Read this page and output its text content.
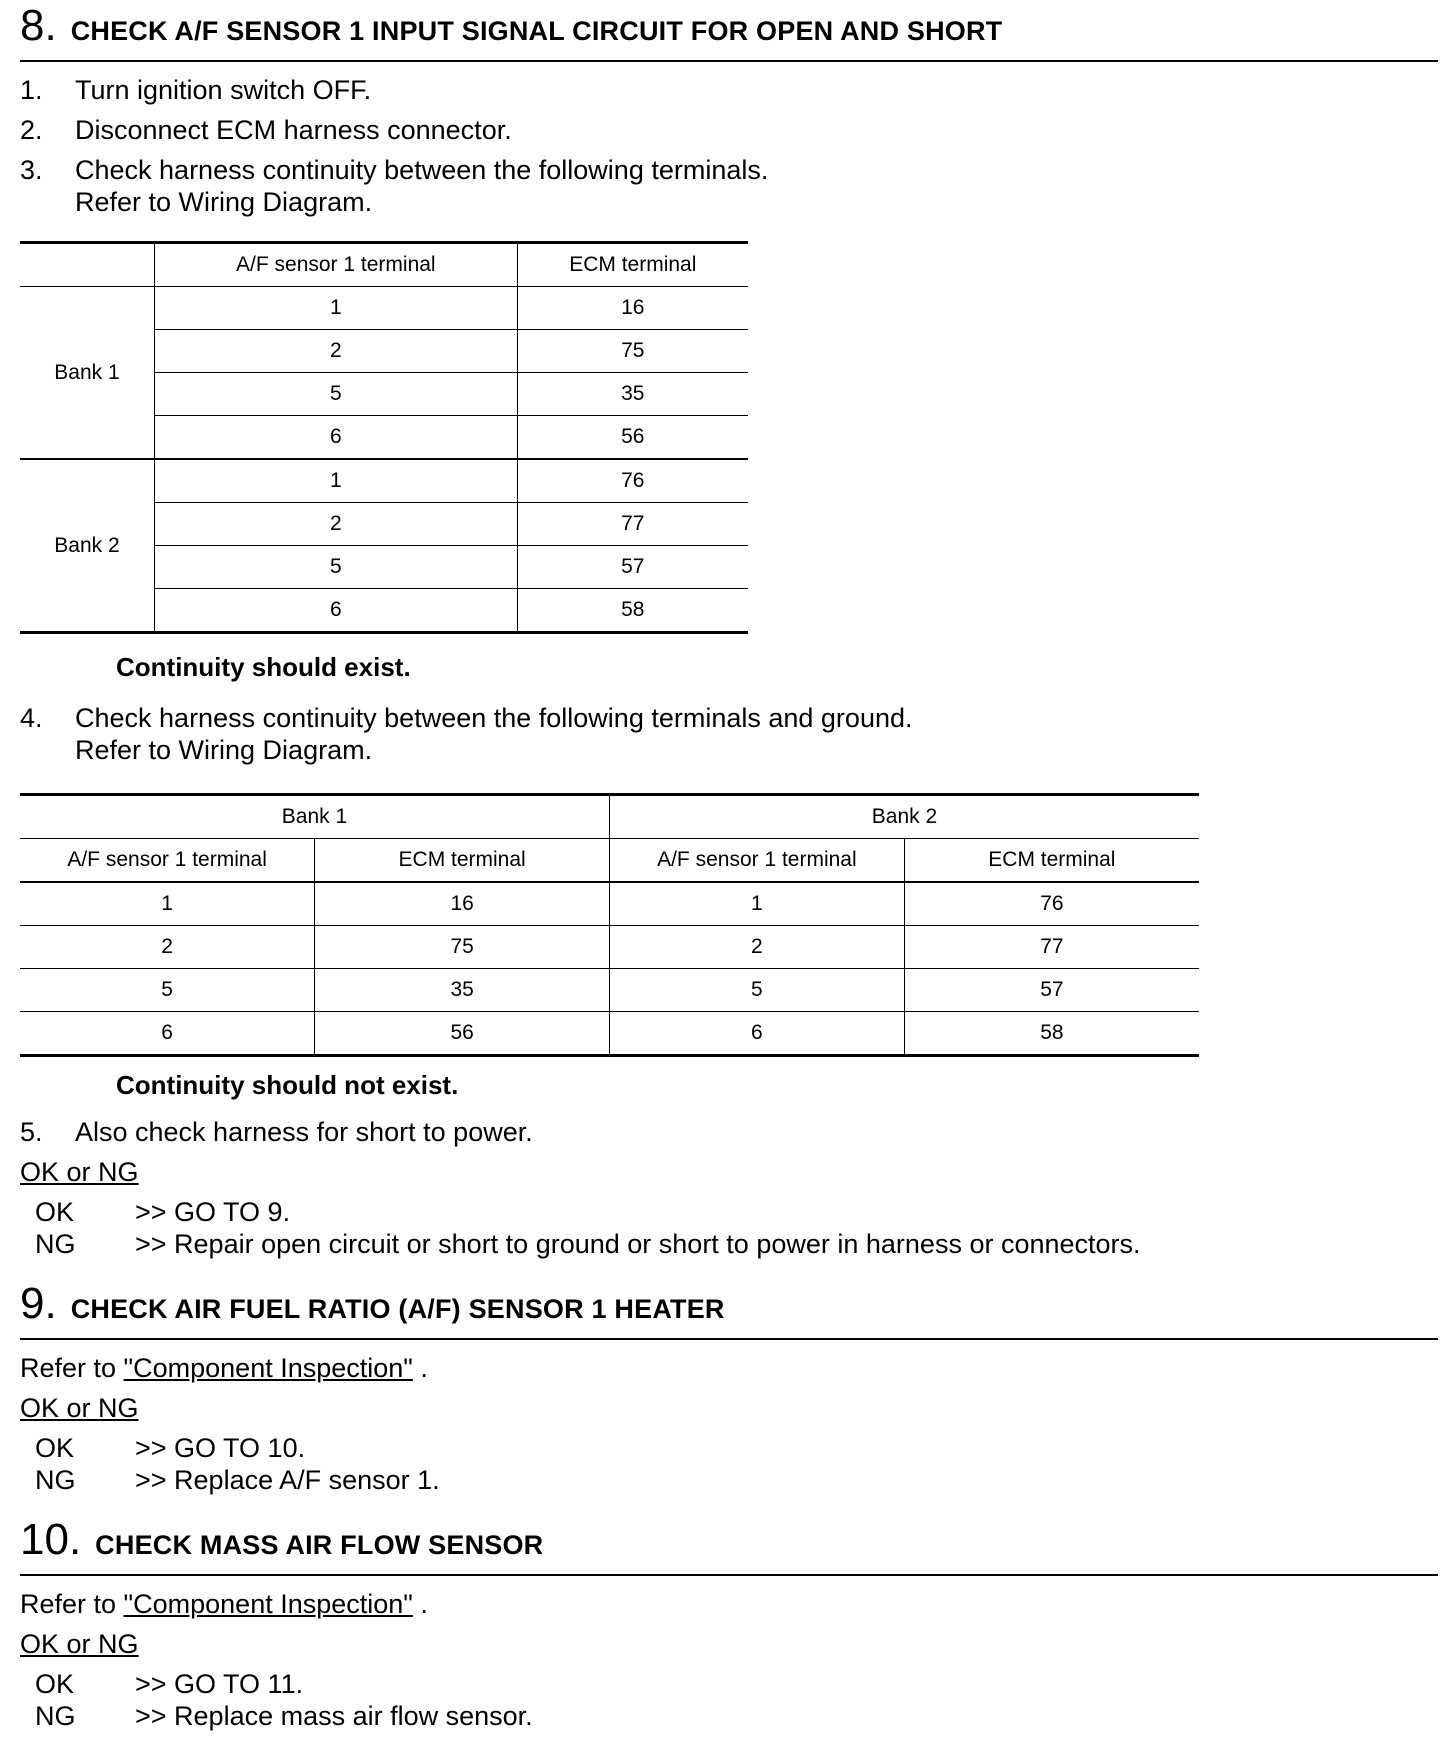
8. CHECK A/F SENSOR 1 INPUT SIGNAL CIRCUIT FOR OPEN AND SHORT
1. Turn ignition switch OFF.
2. Disconnect ECM harness connector.
3. Check harness continuity between the following terminals.
Refer to Wiring Diagram.
	A/F sensor 1 terminal	ECM terminal
Bank 1	1	16
	2	75
	5	35
	6	56
Bank 2	1	76
	2	77
	5	57
	6	58
Continuity should exist.
4. Check harness continuity between the following terminals and ground.
Refer to Wiring Diagram.
Bank 1		Bank 2	
A/F sensor 1 terminal	ECM terminal	A/F sensor 1 terminal	ECM terminal
1	16	1	76
2	75	2	77
5	35	5	57
6	56	6	58
Continuity should not exist.
5. Also check harness for short to power.
OK or NG
OK >> GO TO 9.
NG >> Repair open circuit or short to ground or short to power in harness or connectors.
9. CHECK AIR FUEL RATIO (A/F) SENSOR 1 HEATER
Refer to "Component Inspection" .
OK or NG
OK >> GO TO 10.
NG >> Replace A/F sensor 1.
10. CHECK MASS AIR FLOW SENSOR
Refer to "Component Inspection" .
OK or NG
OK >> GO TO 11.
NG >> Replace mass air flow sensor.
